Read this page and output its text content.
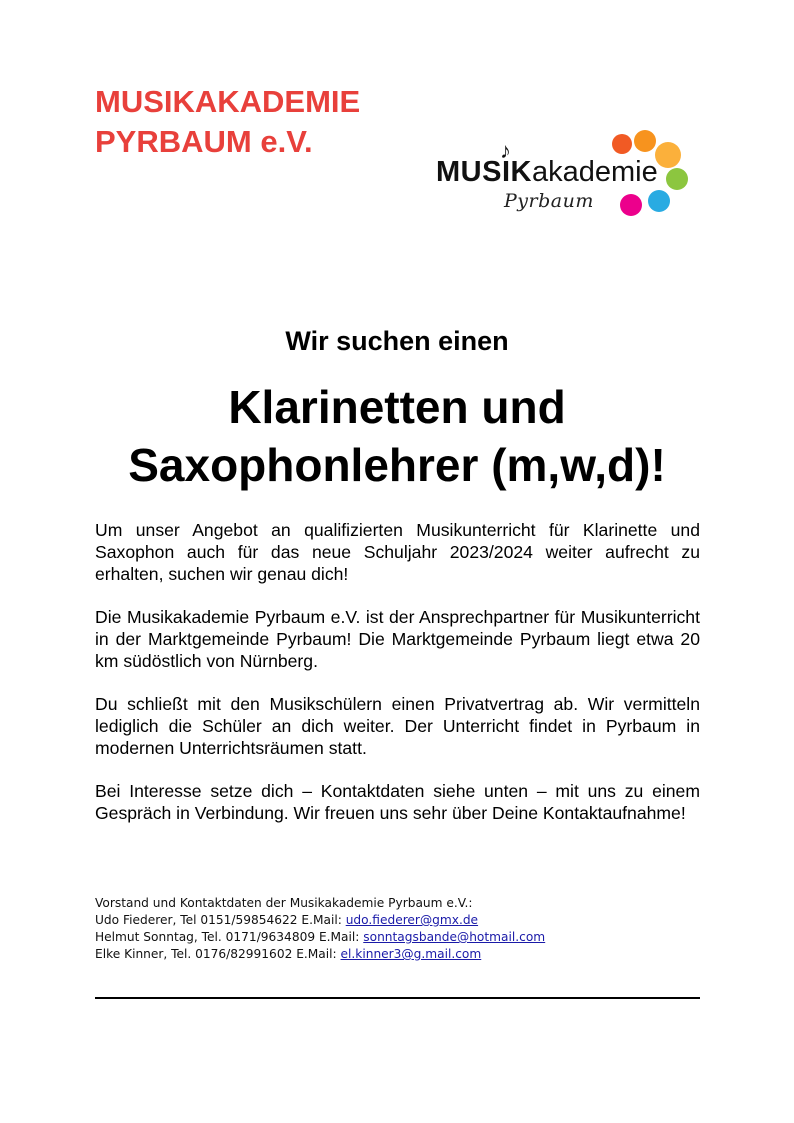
MUSIKAKADEMIE
PYRBAUM e.V.	♪
MUSIKakademie
Pyrbaum
Wir suchen einen
Klarinetten und
Saxophonlehrer (m,w,d)!

Um unser Angebot an qualifizierten Musikunterricht für Klarinette und Saxophon auch für das neue Schuljahr 2023/2024 weiter aufrecht zu erhalten, suchen wir genau dich!

Die Musikakademie Pyrbaum e.V. ist der Ansprechpartner für Musikunterricht in der Marktgemeinde Pyrbaum! Die Marktgemeinde Pyrbaum liegt etwa 20 km südöstlich von Nürnberg.

Du schließt mit den Musikschülern einen Privatvertrag ab. Wir vermitteln lediglich die Schüler an dich weiter. Der Unterricht findet in Pyrbaum in modernen Unterrichtsräumen statt.

Bei Interesse setze dich – Kontaktdaten siehe unten – mit uns zu einem Gespräch in Verbindung. Wir freuen uns sehr über Deine Kontaktaufnahme!

Vorstand und Kontaktdaten der Musikakademie Pyrbaum e.V.:
Udo Fiederer, Tel 0151/59854622 E.Mail: udo.fiederer@gmx.de
Helmut Sonntag, Tel. 0171/9634809 E.Mail: sonntagsbande@hotmail.com
Elke Kinner, Tel. 0176/82991602 E.Mail: el.kinner3@g.mail.com
